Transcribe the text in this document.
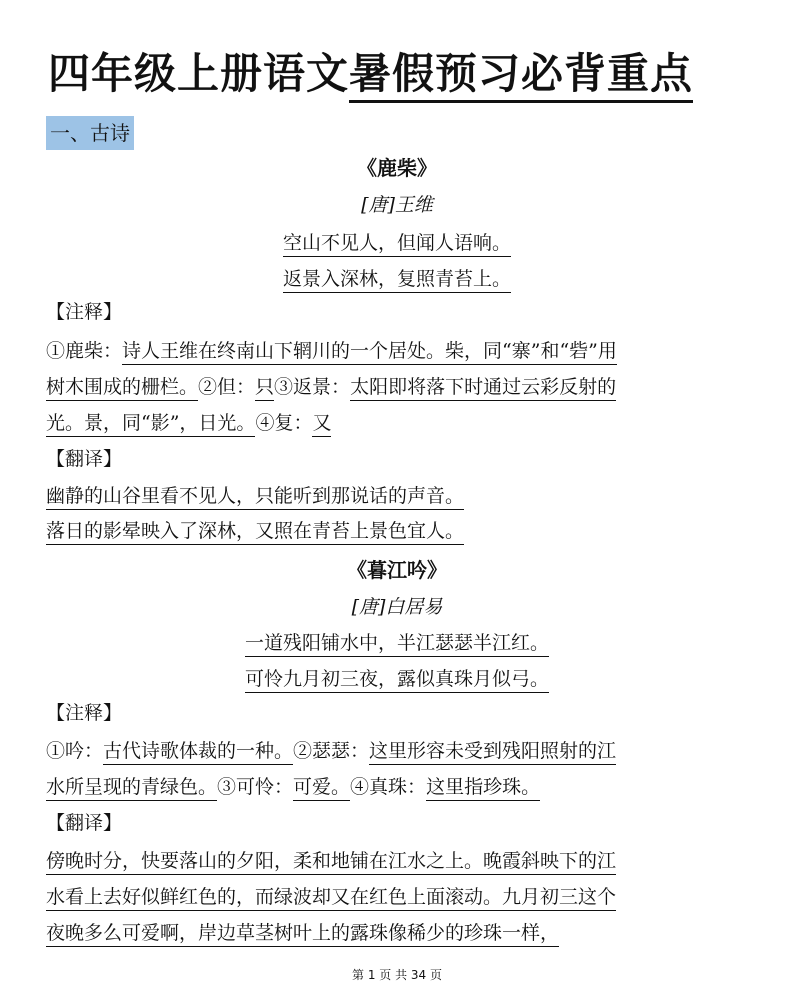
四年级上册语文暑假预习必背重点
一、古诗
《鹿柴》
[唐]王维
空山不见人，但闻人语响。
返景入深林，复照青苔上。
【注释】
①鹿柴：诗人王维在终南山下辋川的一个居处。柴，同“寨”和“砦”用
树木围成的栅栏。②但：只③返景：太阳即将落下时通过云彩反射的
光。景，同“影”，日光。④复：又
【翻译】
幽静的山谷里看不见人，只能听到那说话的声音。
落日的影晕映入了深林，又照在青苔上景色宜人。
《暮江吟》
[唐]白居易
一道残阳铺水中，半江瑟瑟半江红。
可怜九月初三夜，露似真珠月似弓。
【注释】
①吟：古代诗歌体裁的一种。②瑟瑟：这里形容未受到残阳照射的江
水所呈现的青绿色。③可怜：可爱。④真珠：这里指珍珠。
【翻译】
傍晚时分，快要落山的夕阳，柔和地铺在江水之上。晚霞斜映下的江
水看上去好似鲜红色的，而绿波却又在红色上面滚动。九月初三这个
夜晚多么可爱啊，岸边草茎树叶上的露珠像稀少的珍珠一样，
第 1 页 共 34 页
